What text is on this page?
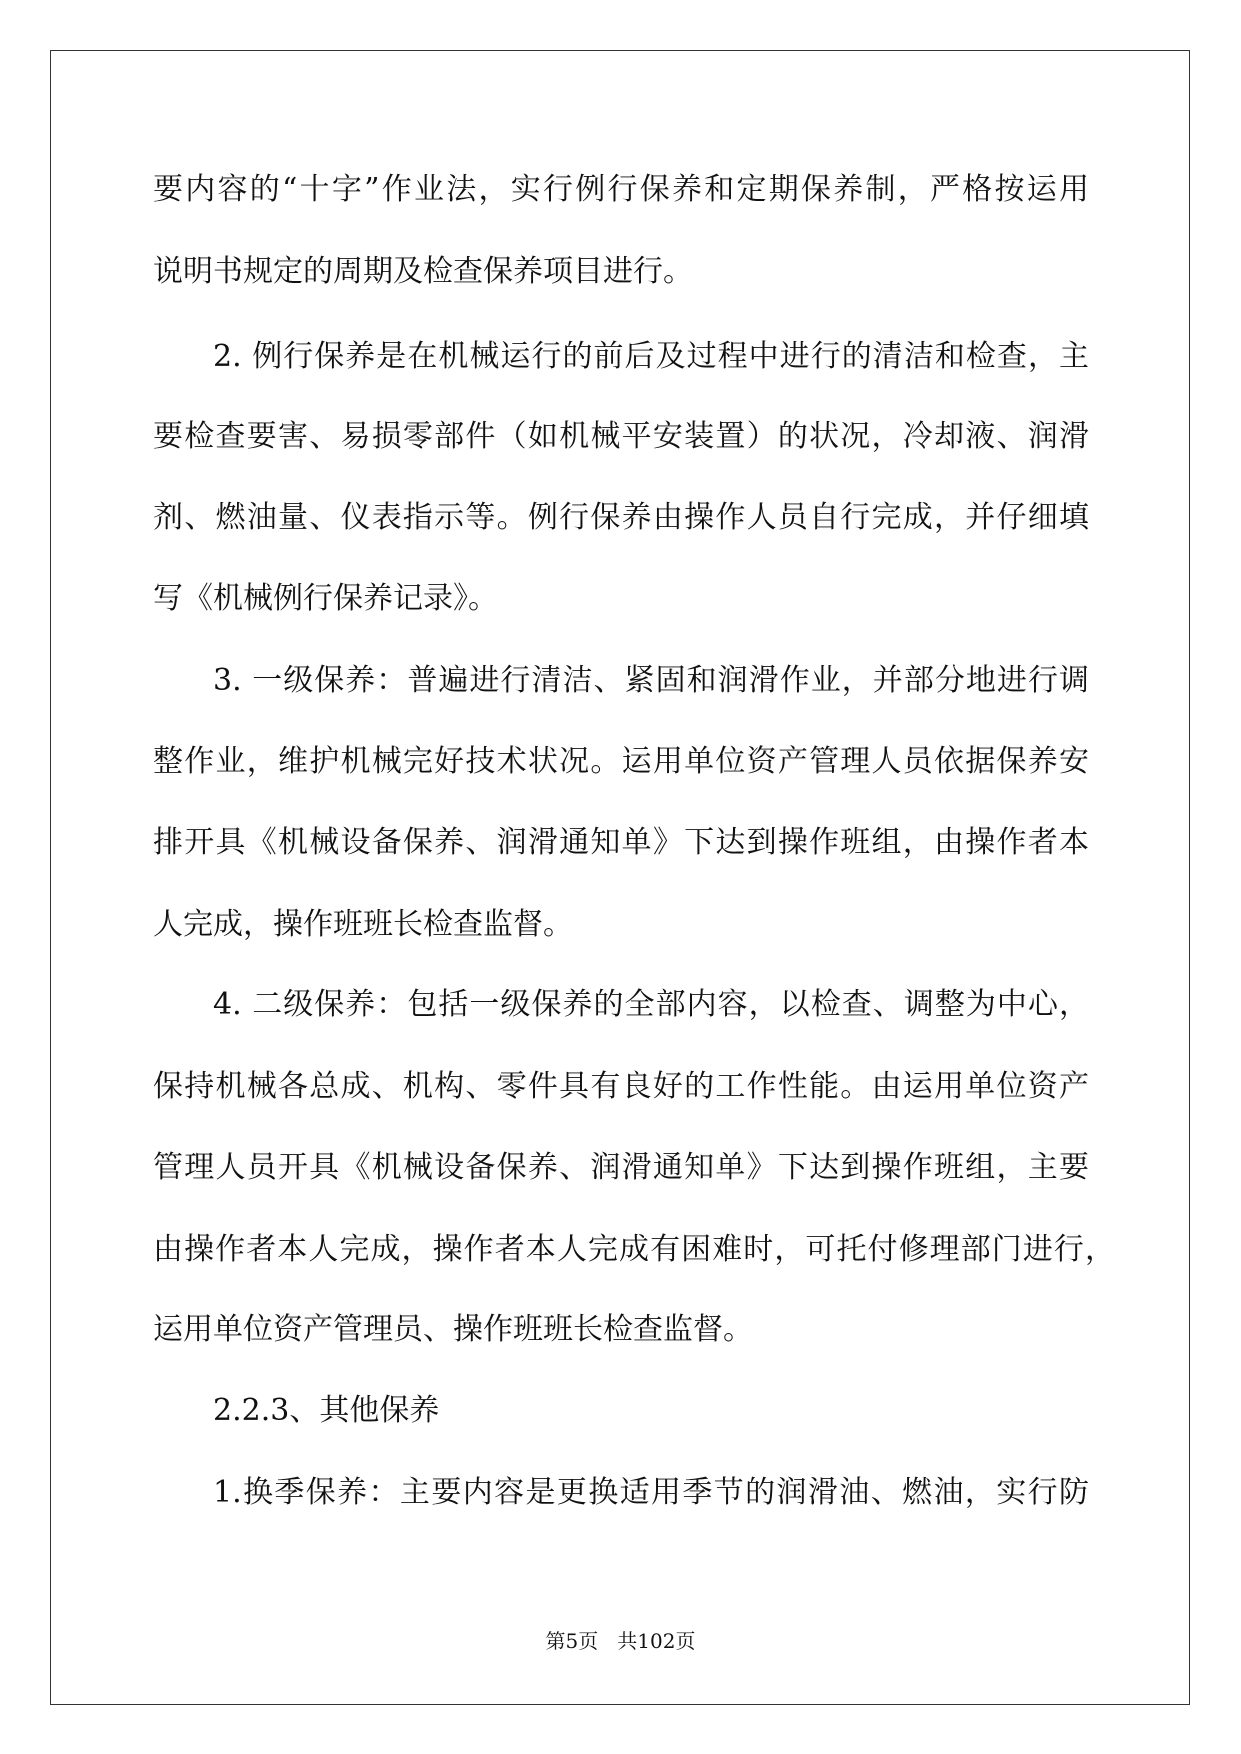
要内容的“十字”作业法，实行例行保养和定期保养制，严格按运用
说明书规定的周期及检查保养项目进行。
2. 例行保养是在机械运行的前后及过程中进行的清洁和检查，主
要检查要害、易损零部件（如机械平安装置）的状况，冷却液、润滑
剂、燃油量、仪表指示等。例行保养由操作人员自行完成，并仔细填
写《机械例行保养记录》。
3. 一级保养：普遍进行清洁、紧固和润滑作业，并部分地进行调
整作业，维护机械完好技术状况。运用单位资产管理人员依据保养安
排开具《机械设备保养、润滑通知单》下达到操作班组，由操作者本
人完成，操作班班长检查监督。
4. 二级保养：包括一级保养的全部内容，以检查、调整为中心，
保持机械各总成、机构、零件具有良好的工作性能。由运用单位资产
管理人员开具《机械设备保养、润滑通知单》下达到操作班组，主要
由操作者本人完成，操作者本人完成有困难时，可托付修理部门进行，
运用单位资产管理员、操作班班长检查监督。
2.2.3、其他保养
1.换季保养：主要内容是更换适用季节的润滑油、燃油，实行防
第5页   共102页
